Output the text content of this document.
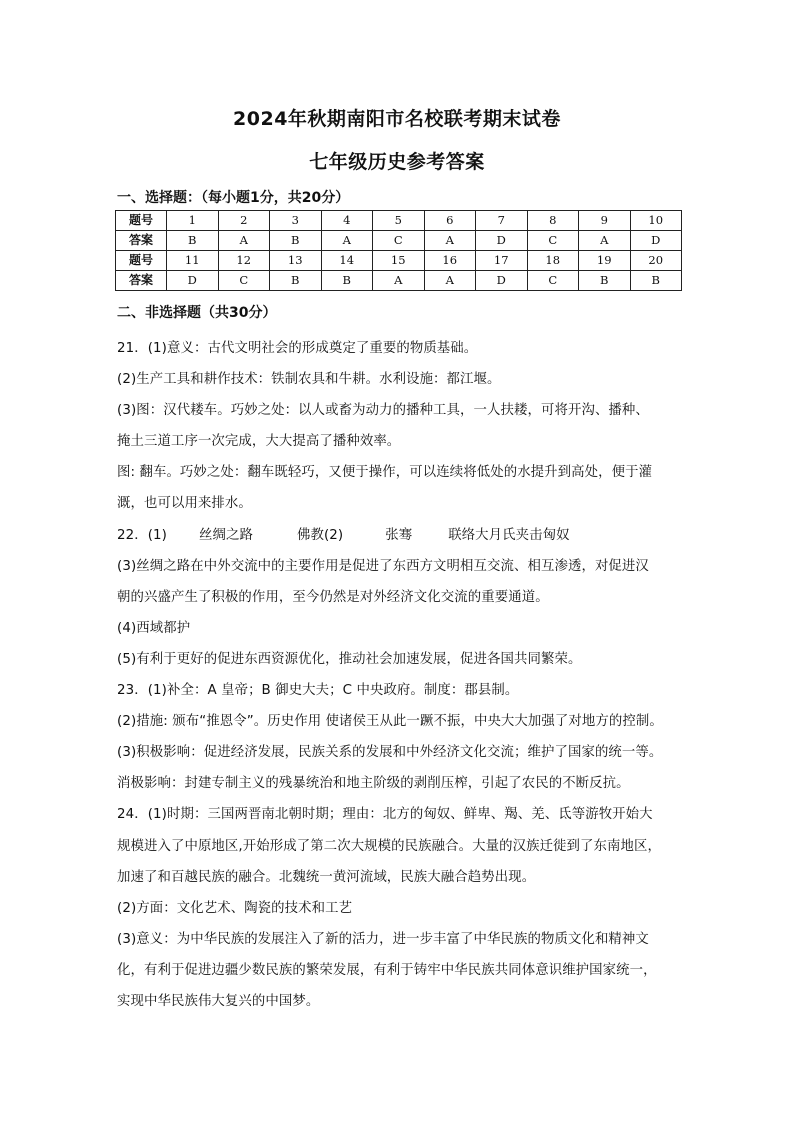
2024年秋期南阳市名校联考期末试卷
七年级历史参考答案
一、选择题：（每小题1分，共20分）
题号	1	2	3	4	5	6	7	8	9	10
答案	B	A	B	A	C	A	D	C	A	D
题号	11	12	13	14	15	16	17	18	19	20
答案	D	C	B	B	A	A	D	C	B	B
二、非选择题（共30分）
21．(1)意义：古代文明社会的形成奠定了重要的物质基础。
(2)生产工具和耕作技术：铁制农具和牛耕。水利设施：都江堰。
(3)图：汉代耧车。巧妙之处：以人或畜为动力的播种工具，一人扶耧，可将开沟、播种、
掩土三道工序一次完成，大大提高了播种效率。
图: 翻车。巧妙之处：翻车既轻巧，又便于操作，可以连续将低处的水提升到高处，便于灌
溉，也可以用来排水。
22．(1) 丝绸之路	佛教(2)	张骞	联络大月氏夹击匈奴
(3)丝绸之路在中外交流中的主要作用是促进了东西方文明相互交流、相互渗透，对促进汉
朝的兴盛产生了积极的作用，至今仍然是对外经济文化交流的重要通道。
(4)西域都护
(5)有利于更好的促进东西资源优化，推动社会加速发展，促进各国共同繁荣。
23．(1)补全：A 皇帝；B 御史大夫；C 中央政府。制度：郡县制。
(2)措施: 颁布“推恩令”。历史作用 使诸侯王从此一蹶不振，中央大大加强了对地方的控制。
(3)积极影响：促进经济发展，民族关系的发展和中外经济文化交流；维护了国家的统一等。
消极影响：封建专制主义的残暴统治和地主阶级的剥削压榨，引起了农民的不断反抗。
24．(1)时期：三国两晋南北朝时期；理由：北方的匈奴、鲜卑、羯、羌、氐等游牧开始大
规模进入了中原地区,开始形成了第二次大规模的民族融合。大量的汉族迁徙到了东南地区，
加速了和百越民族的融合。北魏统一黄河流域，民族大融合趋势出现。
(2)方面：文化艺术、陶瓷的技术和工艺
(3)意义：为中华民族的发展注入了新的活力，进一步丰富了中华民族的物质文化和精神文
化，有利于促进边疆少数民族的繁荣发展，有利于铸牢中华民族共同体意识维护国家统一，
实现中华民族伟大复兴的中国梦。
